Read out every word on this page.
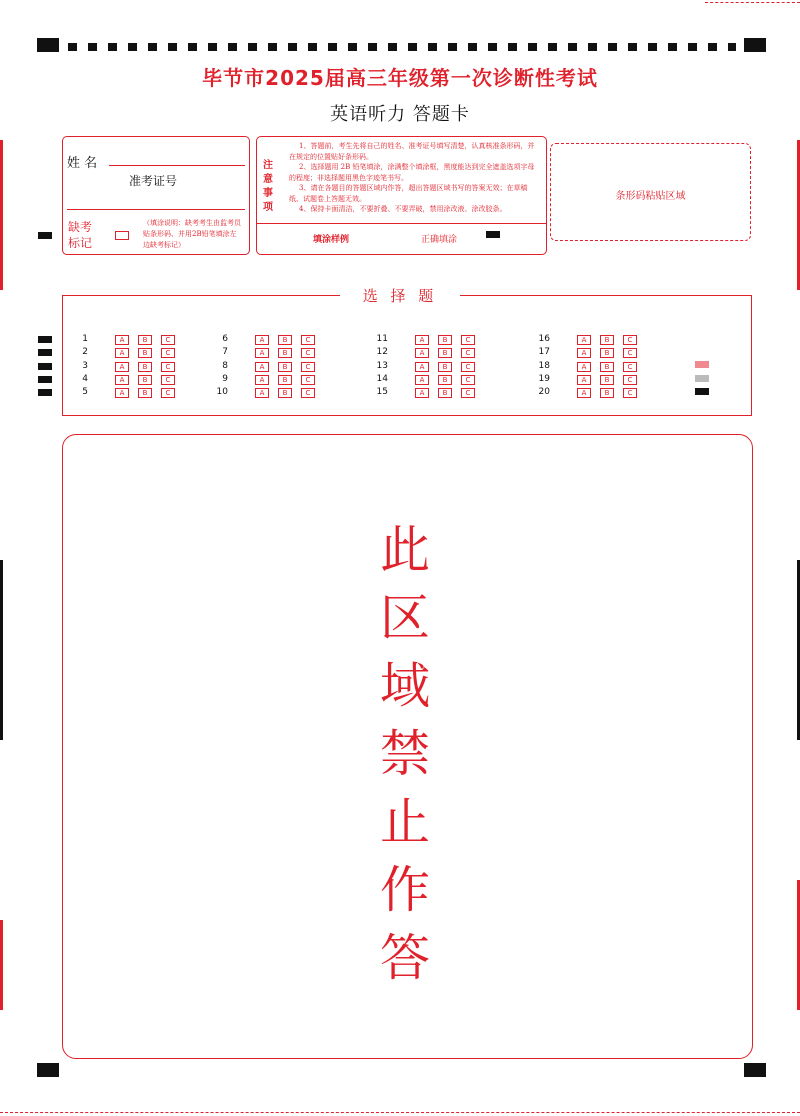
毕节市2025届高三年级第一次诊断性考试
英语听力 答题卡
姓 名
准考证号
缺考
标记
（填涂说明：缺考考生由监考员贴条形码、并用2B铅笔填涂左边缺考标记）
注
意
事
项
1、答题前，考生先将自己的姓名、准考证号填写清楚，认真核准条形码，并在规定的位置贴好条形码。
2、选择题用 2B 铅笔填涂，涂满整个填涂框，黑度能达到完全遮盖选项字母的程度；非选择题用黑色字迹笔书写。
3、请在各题目的答题区域内作答，超出答题区域书写的答案无效；在草稿纸、试题卷上答题无效。
4、保持卡面清洁，不要折叠、不要弄破，禁用涂改液、涂改胶条。
填涂样例	正确填涂
条形码粘贴区域
选 择 题
1	A	B	C
2	A	B	C
3	A	B	C
4	A	B	C
5	A	B	C
6	A	B	C
7	A	B	C
8	A	B	C
9	A	B	C
10	A	B	C
11	A	B	C
12	A	B	C
13	A	B	C
14	A	B	C
15	A	B	C
16	A	B	C
17	A	B	C
18	A	B	C
19	A	B	C
20	A	B	C
此
区
域
禁
止
作
答
